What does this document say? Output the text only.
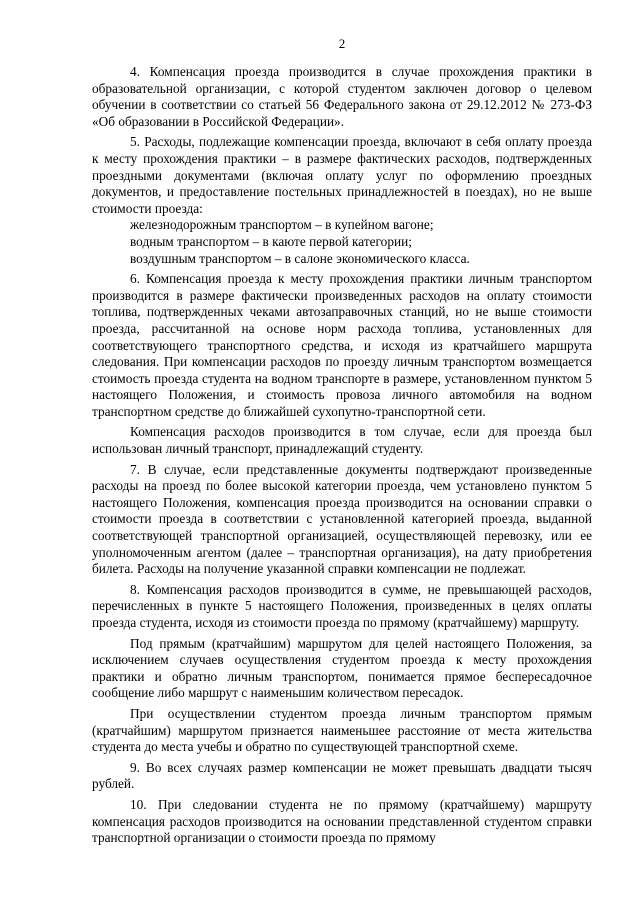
2

4. Компенсация проезда производится в случае прохождения практики в образовательной организации, с которой студентом заключен договор о целевом обучении в соответствии со статьей 56 Федерального закона от 29.12.2012 № 273-ФЗ «Об образовании в Российской Федерации».

5. Расходы, подлежащие компенсации проезда, включают в себя оплату проезда к месту прохождения практики – в размере фактических расходов, подтвержденных проездными документами (включая оплату услуг по оформлению проездных документов, и предоставление постельных принадлежностей в поездах), но не выше стоимости проезда:

железнодорожным транспортом – в купейном вагоне;

водным транспортом – в каюте первой категории;

воздушным транспортом – в салоне экономического класса.

6. Компенсация проезда к месту прохождения практики личным транспортом производится в размере фактически произведенных расходов на оплату стоимости топлива, подтвержденных чеками автозаправочных станций, но не выше стоимости проезда, рассчитанной на основе норм расхода топлива, установленных для соответствующего транспортного средства, и исходя из кратчайшего маршрута следования. При компенсации расходов по проезду личным транспортом возмещается стоимость проезда студента на водном транспорте в размере, установленном пунктом 5 настоящего Положения, и стоимость провоза личного автомобиля на водном транспортном средстве до ближайшей сухопутно-транспортной сети.

Компенсация расходов производится в том случае, если для проезда был использован личный транспорт, принадлежащий студенту.

7. В случае, если представленные документы подтверждают произведенные расходы на проезд по более высокой категории проезда, чем установлено пунктом 5 настоящего Положения, компенсация проезда производится на основании справки о стоимости проезда в соответствии с установленной категорией проезда, выданной соответствующей транспортной организацией, осуществляющей перевозку, или ее уполномоченным агентом (далее – транспортная организация), на дату приобретения билета. Расходы на получение указанной справки компенсации не подлежат.

8. Компенсация расходов производится в сумме, не превышающей расходов, перечисленных в пункте 5 настоящего Положения, произведенных в целях оплаты проезда студента, исходя из стоимости проезда по прямому (кратчайшему) маршруту.

Под прямым (кратчайшим) маршрутом для целей настоящего Положения, за исключением случаев осуществления студентом проезда к месту прохождения практики и обратно личным транспортом, понимается прямое беспересадочное сообщение либо маршрут с наименьшим количеством пересадок.

При осуществлении студентом проезда личным транспортом прямым (кратчайшим) маршрутом признается наименьшее расстояние от места жительства студента до места учебы и обратно по существующей транспортной схеме.

9. Во всех случаях размер компенсации не может превышать двадцати тысяч рублей.

10. При следовании студента не по прямому (кратчайшему) маршруту компенсация расходов производится на основании представленной студентом справки транспортной организации о стоимости проезда по прямому
